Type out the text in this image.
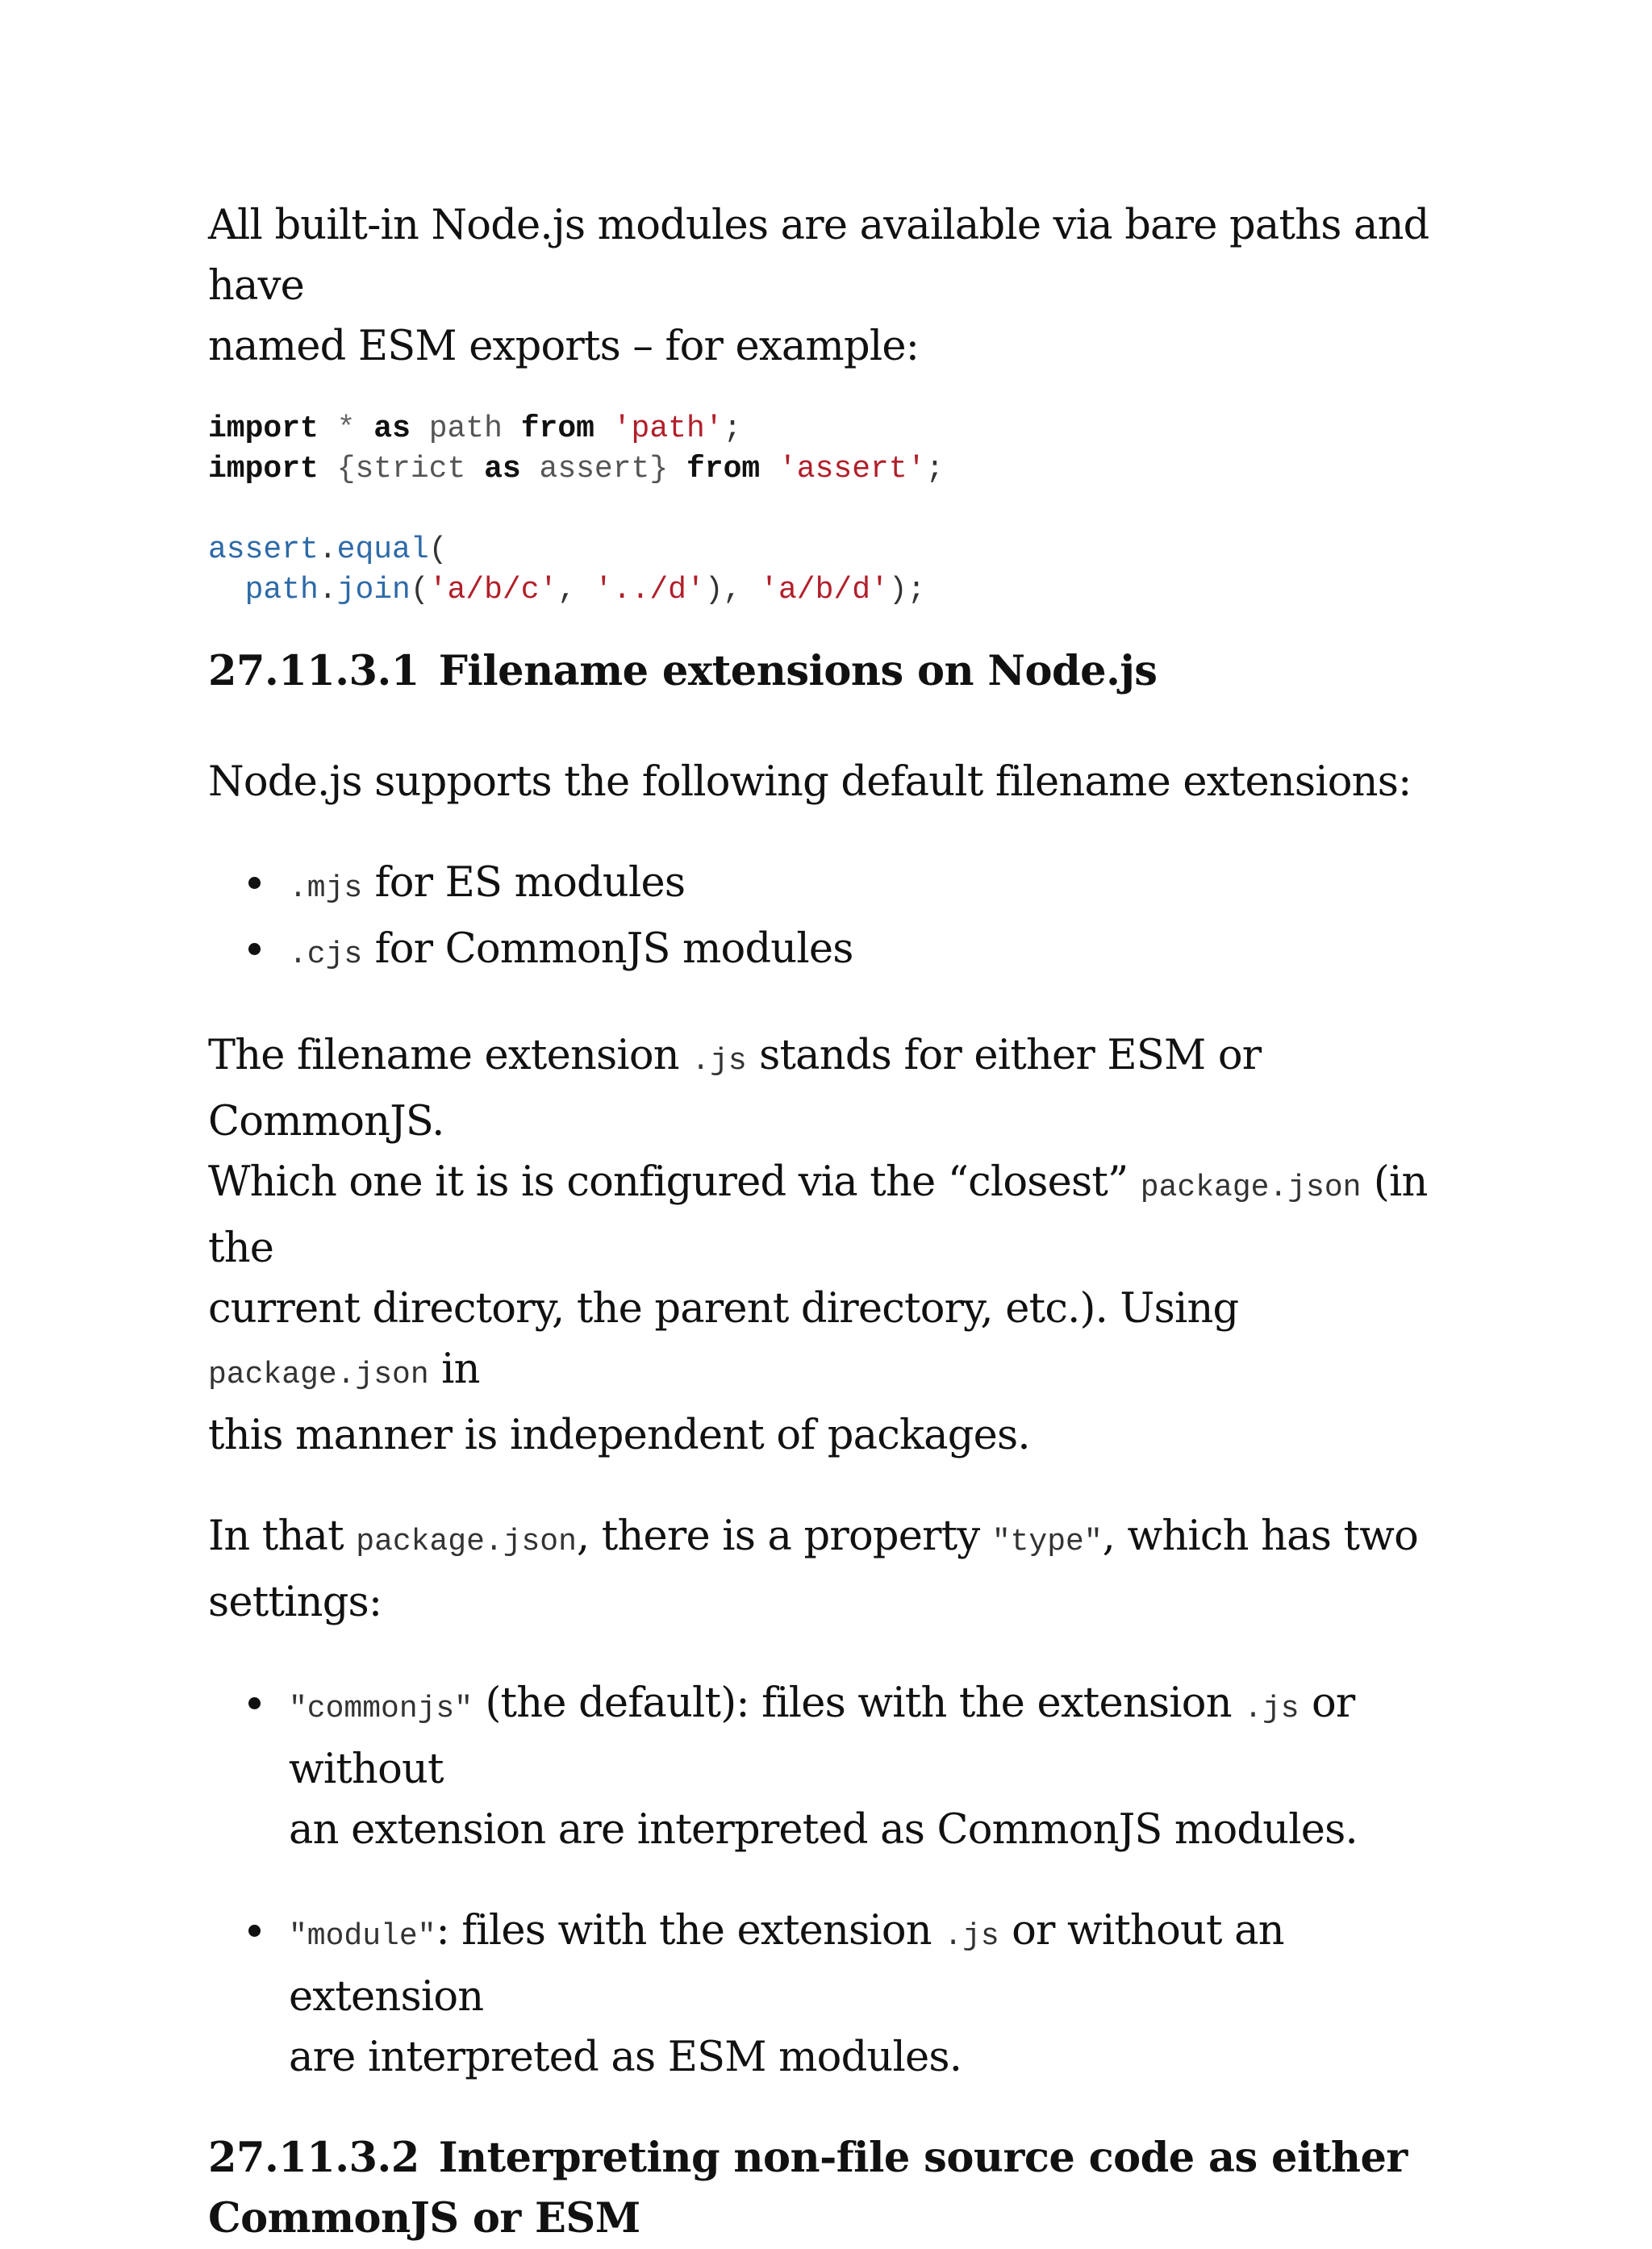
All built-in Node.js modules are available via bare paths and have
named ESM exports – for example:

import * as path from 'path';
import {strict as assert} from 'assert';

assert.equal(
path.join('a/b/c', '../d'), 'a/b/d');
27.11.3.1 Filename extensions on Node.js

Node.js supports the following default filename extensions:

.mjs for ES modules
.cjs for CommonJS modules

The filename extension .js stands for either ESM or CommonJS.
Which one it is is configured via the “closest” package.json (in the
current directory, the parent directory, etc.). Using package.json in
this manner is independent of packages.

In that package.json, there is a property "type", which has two
settings:

"commonjs" (the default): files with the extension .js or without
an extension are interpreted as CommonJS modules.
"module": files with the extension .js or without an extension
are interpreted as ESM modules.
27.11.3.2 Interpreting non-file source code as either
CommonJS or ESM
